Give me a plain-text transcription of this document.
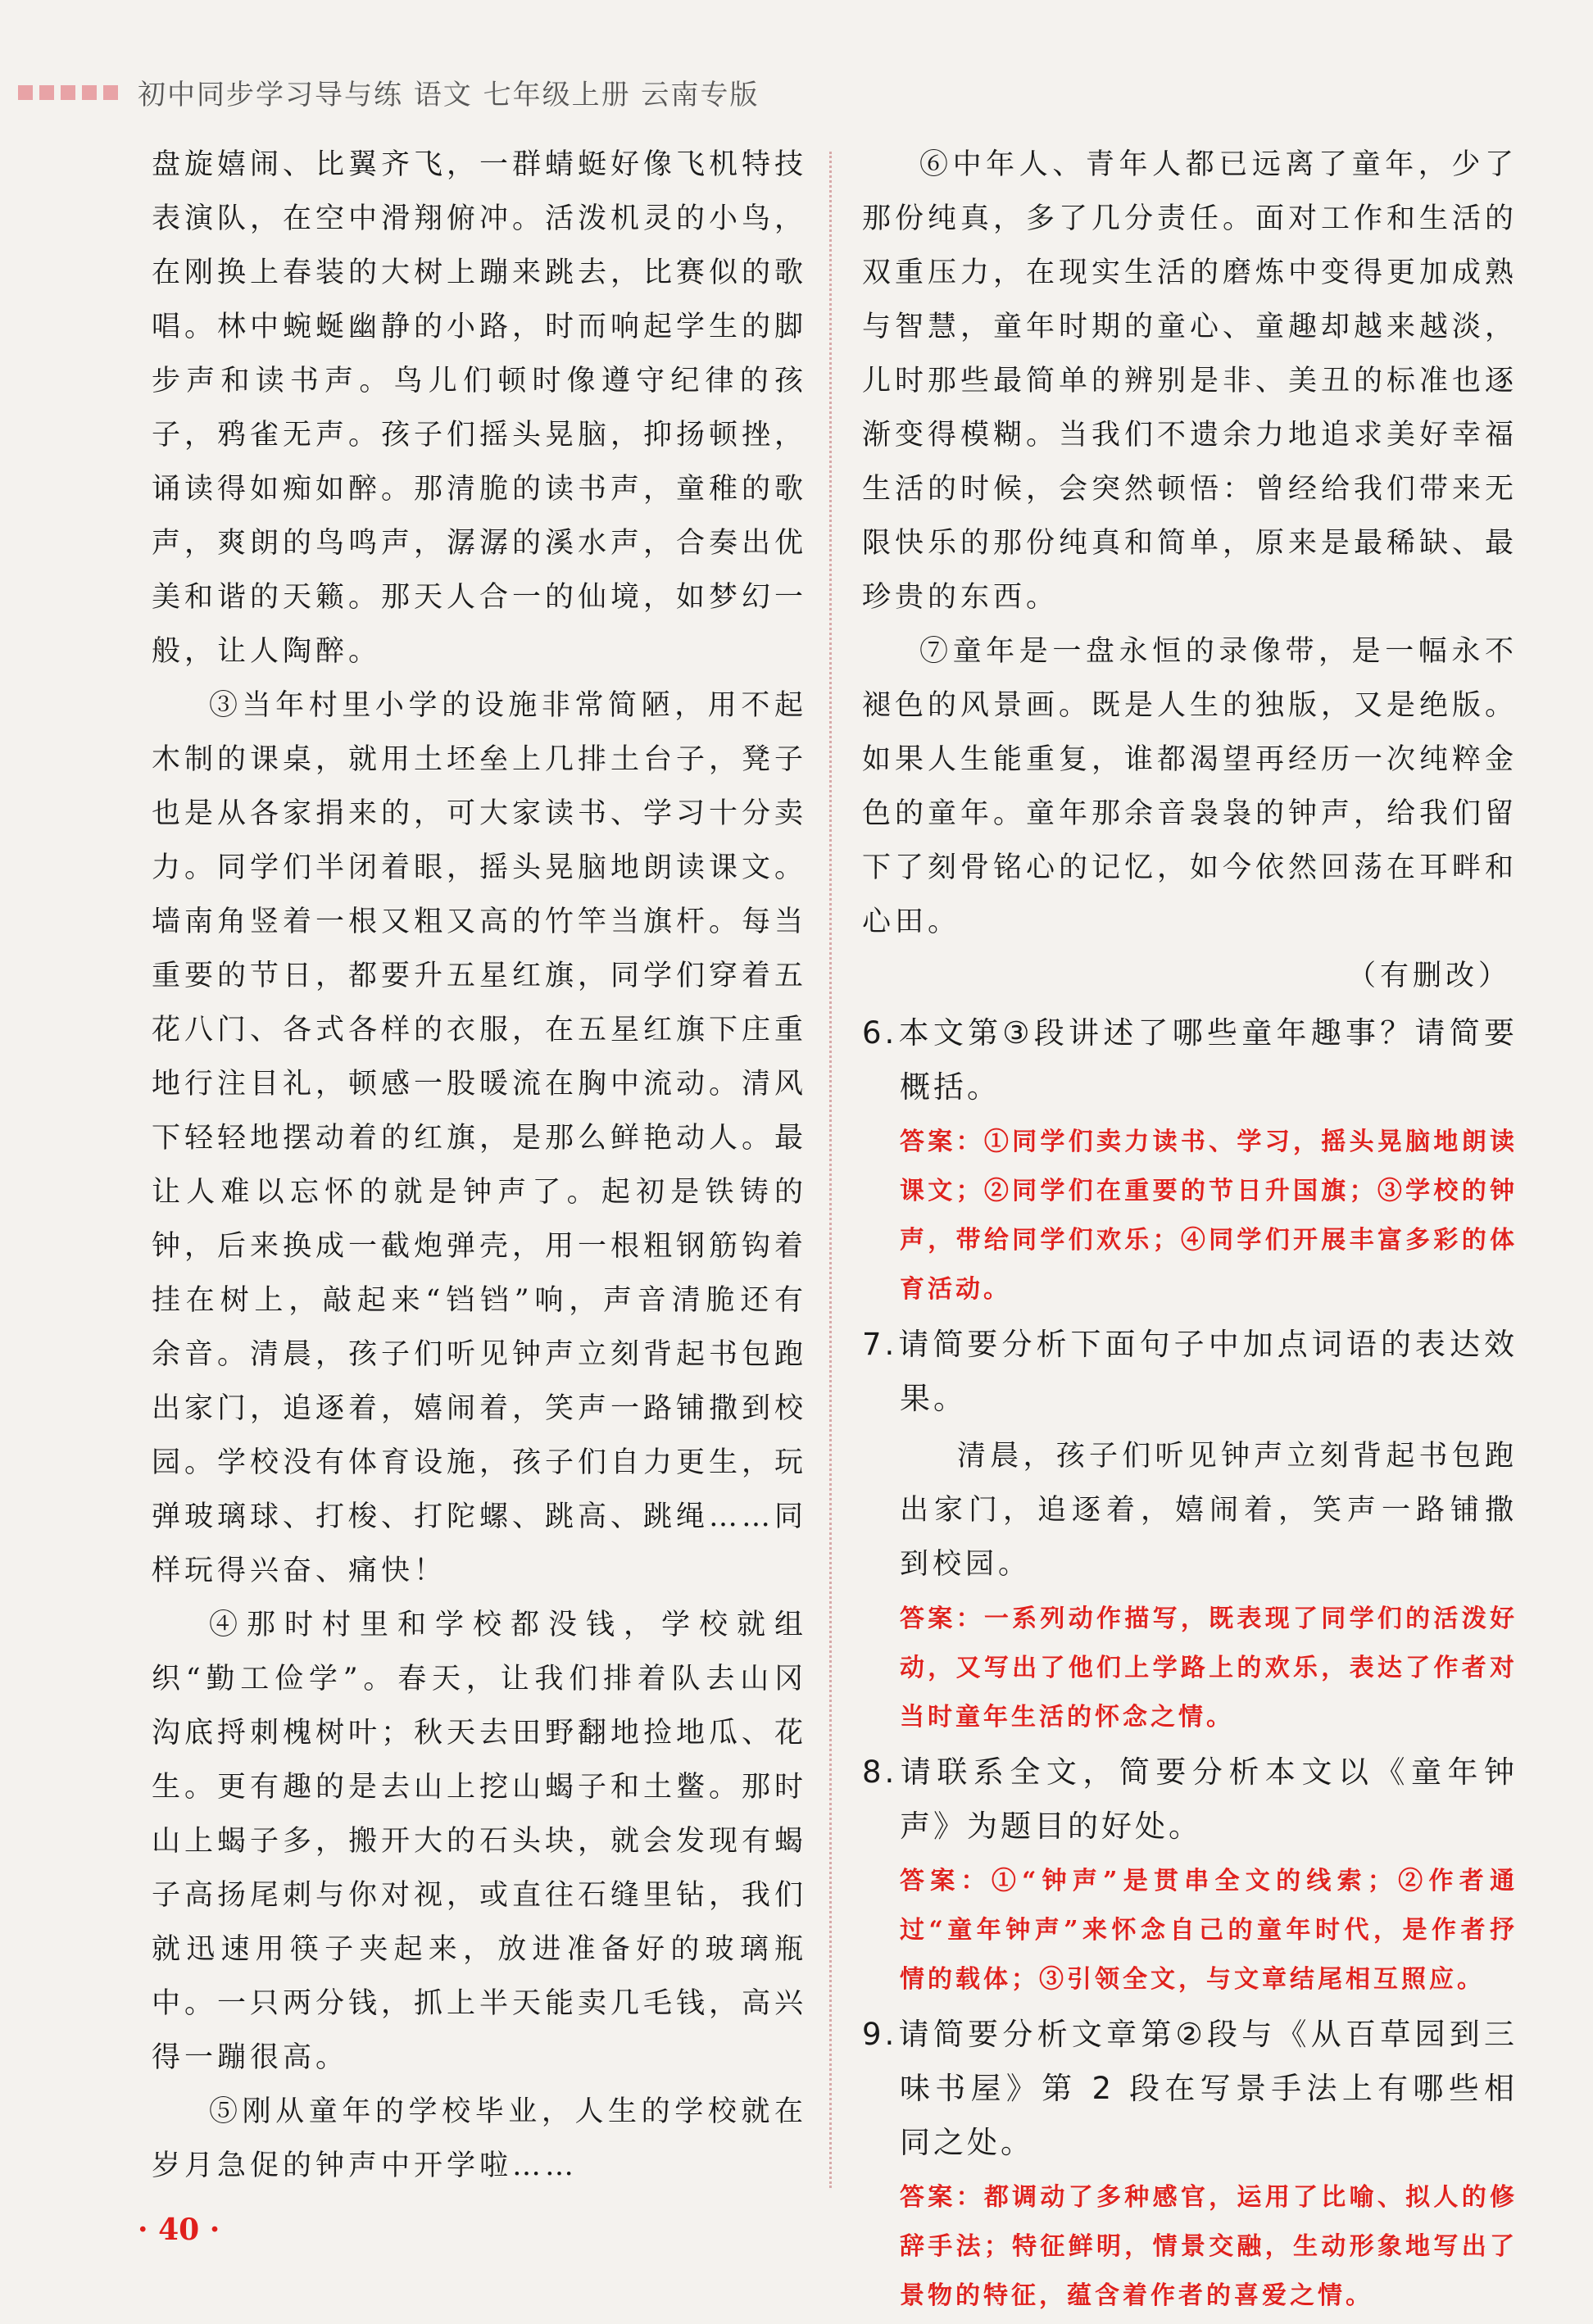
初中同步学习导与练 语文 七年级上册 云南专版

盘旋嬉闹、比翼齐飞，一群蜻蜓好像飞机特技表演队，在空中滑翔俯冲。活泼机灵的小鸟，在刚换上春装的大树上蹦来跳去，比赛似的歌唱。林中蜿蜒幽静的小路，时而响起学生的脚步声和读书声。鸟儿们顿时像遵守纪律的孩子，鸦雀无声。孩子们摇头晃脑，抑扬顿挫，诵读得如痴如醉。那清脆的读书声，童稚的歌声，爽朗的鸟鸣声，潺潺的溪水声，合奏出优美和谐的天籁。那天人合一的仙境，如梦幻一般，让人陶醉。

③当年村里小学的设施非常简陋，用不起木制的课桌，就用土坯垒上几排土台子，凳子也是从各家捐来的，可大家读书、学习十分卖力。同学们半闭着眼，摇头晃脑地朗读课文。墙南角竖着一根又粗又高的竹竿当旗杆。每当重要的节日，都要升五星红旗，同学们穿着五花八门、各式各样的衣服，在五星红旗下庄重地行注目礼，顿感一股暖流在胸中流动。清风下轻轻地摆动着的红旗，是那么鲜艳动人。最让人难以忘怀的就是钟声了。起初是铁铸的钟，后来换成一截炮弹壳，用一根粗钢筋钩着挂在树上，敲起来“铛铛”响，声音清脆还有余音。清晨，孩子们听见钟声立刻背起书包跑出家门，追逐着，嬉闹着，笑声一路铺撒到校园。学校没有体育设施，孩子们自力更生，玩弹玻璃球、打梭、打陀螺、跳高、跳绳……同样玩得兴奋、痛快！

④那时村里和学校都没钱，学校就组织“勤工俭学”。春天，让我们排着队去山冈沟底捋刺槐树叶；秋天去田野翻地捡地瓜、花生。更有趣的是去山上挖山蝎子和土鳖。那时山上蝎子多，搬开大的石头块，就会发现有蝎子高扬尾刺与你对视，或直往石缝里钻，我们就迅速用筷子夹起来，放进准备好的玻璃瓶中。一只两分钱，抓上半天能卖几毛钱，高兴得一蹦很高。

⑤刚从童年的学校毕业，人生的学校就在岁月急促的钟声中开学啦……

⑥中年人、青年人都已远离了童年，少了那份纯真，多了几分责任。面对工作和生活的双重压力，在现实生活的磨炼中变得更加成熟与智慧，童年时期的童心、童趣却越来越淡，儿时那些最简单的辨别是非、美丑的标准也逐渐变得模糊。当我们不遗余力地追求美好幸福生活的时候，会突然顿悟：曾经给我们带来无限快乐的那份纯真和简单，原来是最稀缺、最珍贵的东西。

⑦童年是一盘永恒的录像带，是一幅永不褪色的风景画。既是人生的独版，又是绝版。如果人生能重复，谁都渴望再经历一次纯粹金色的童年。童年那余音袅袅的钟声，给我们留下了刻骨铭心的记忆，如今依然回荡在耳畔和心田。

（有删改）

6.本文第③段讲述了哪些童年趣事？请简要概括。

答案：①同学们卖力读书、学习，摇头晃脑地朗读课文；②同学们在重要的节日升国旗；③学校的钟声，带给同学们欢乐；④同学们开展丰富多彩的体育活动。

7.请简要分析下面句子中加点词语的表达效果。

清晨，孩子们听见钟声立刻背起书包跑出家门，追逐着，嬉闹着，笑声一路铺撒到校园。

答案：一系列动作描写，既表现了同学们的活泼好动，又写出了他们上学路上的欢乐，表达了作者对当时童年生活的怀念之情。

8.请联系全文，简要分析本文以《童年钟声》为题目的好处。

答案：①“钟声”是贯串全文的线索；②作者通过“童年钟声”来怀念自己的童年时代，是作者抒情的载体；③引领全文，与文章结尾相互照应。

9.请简要分析文章第②段与《从百草园到三味书屋》第 2 段在写景手法上有哪些相同之处。

答案：都调动了多种感官，运用了比喻、拟人的修辞手法；特征鲜明，情景交融，生动形象地写出了景物的特征，蕴含着作者的喜爱之情。

· 40 ·
